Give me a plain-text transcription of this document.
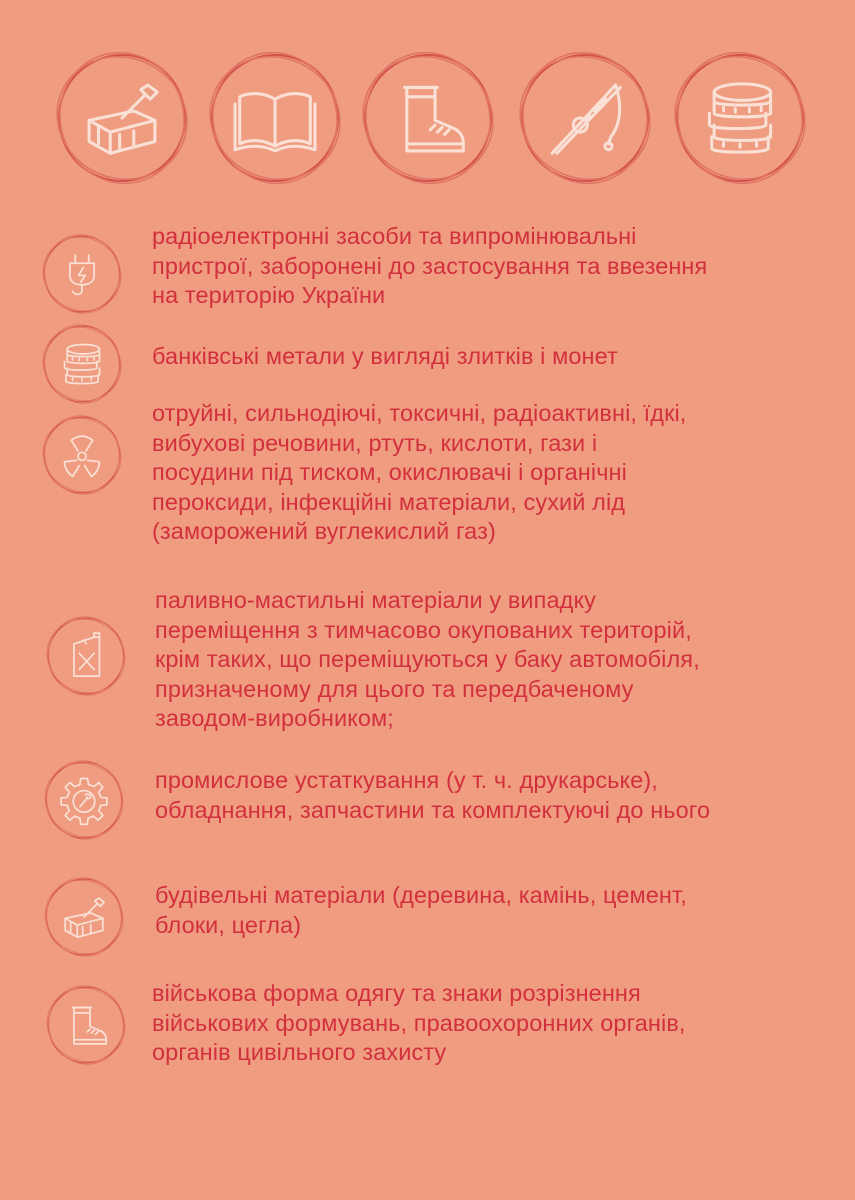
радіоелектронні засоби та випромінювальні
пристрої, заборонені до застосування та ввезення
на територію України
банківські метали у вигляді злитків і монет
отруйні, сильнодіючі, токсичні, радіоактивні, їдкі,
вибухові речовини, ртуть, кислоти, гази і
посудини під тиском, окислювачі і органічні
пероксиди, інфекційні матеріали, сухий лід
(заморожений вуглекислий газ)
паливно-мастильні матеріали у випадку
переміщення з тимчасово окупованих територій,
крім таких, що переміщуються у баку автомобіля,
призначеному для цього та передбаченому
заводом-виробником;
промислове устаткування (у т. ч. друкарське),
обладнання, запчастини та комплектуючі до нього
будівельні матеріали (деревина, камінь, цемент,
блоки, цегла)
військова форма одягу та знаки розрізнення
військових формувань, правоохоронних органів,
органів цивільного захисту
